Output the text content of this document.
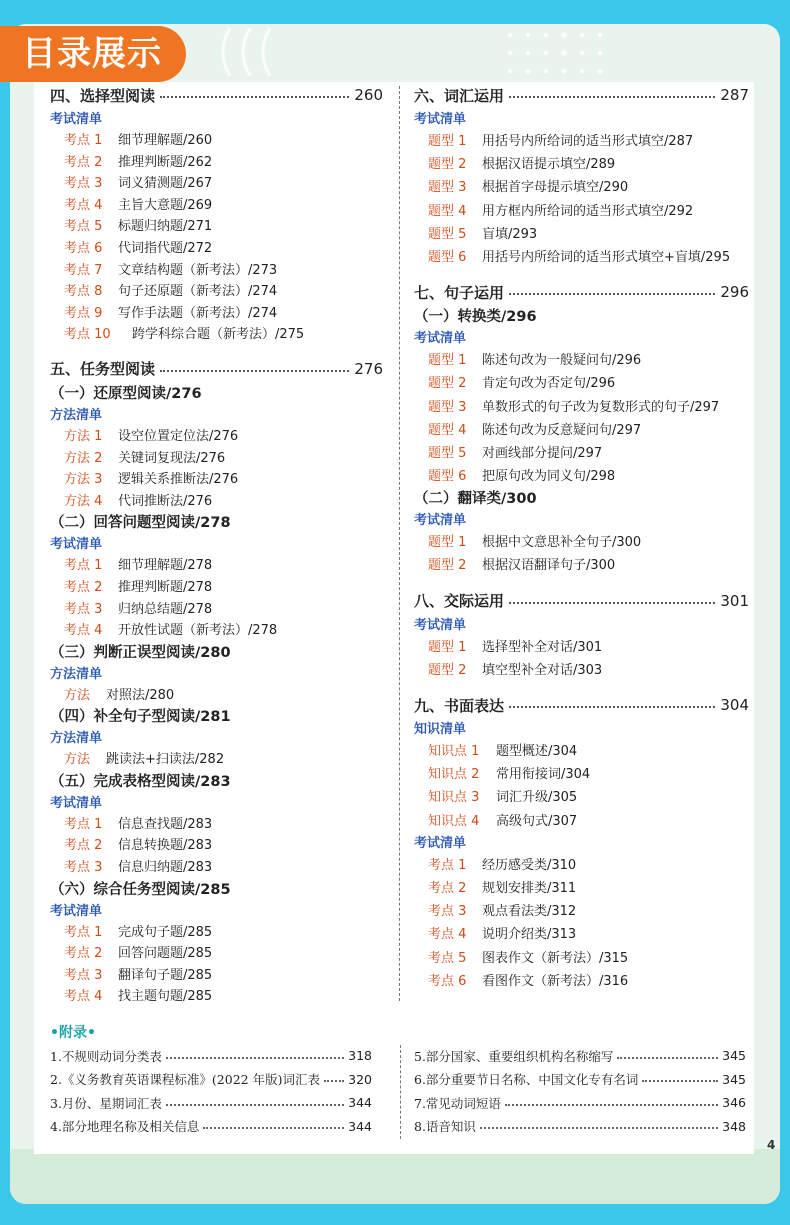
目录展示
四、选择型阅读	260
考试清单
考点 1	细节理解题/260
考点 2	推理判断题/262
考点 3	词义猜测题/267
考点 4	主旨大意题/269
考点 5	标题归纳题/271
考点 6	代词指代题/272
考点 7	文章结构题（新考法）/273
考点 8	句子还原题（新考法）/274
考点 9	写作手法题（新考法）/274
考点 10	跨学科综合题（新考法）/275
五、任务型阅读	276
（一）还原型阅读/276
方法清单
方法 1	设空位置定位法/276
方法 2	关键词复现法/276
方法 3	逻辑关系推断法/276
方法 4	代词推断法/276
（二）回答问题型阅读/278
考试清单
考点 1	细节理解题/278
考点 2	推理判断题/278
考点 3	归纳总结题/278
考点 4	开放性试题（新考法）/278
（三）判断正误型阅读/280
方法清单
方法	对照法/280
（四）补全句子型阅读/281
方法清单
方法	跳读法+扫读法/282
（五）完成表格型阅读/283
考试清单
考点 1	信息查找题/283
考点 2	信息转换题/283
考点 3	信息归纳题/283
（六）综合任务型阅读/285
考试清单
考点 1	完成句子题/285
考点 2	回答问题题/285
考点 3	翻译句子题/285
考点 4	找主题句题/285
六、词汇运用	287
考试清单
题型 1	用括号内所给词的适当形式填空/287
题型 2	根据汉语提示填空/289
题型 3	根据首字母提示填空/290
题型 4	用方框内所给词的适当形式填空/292
题型 5	盲填/293
题型 6	用括号内所给词的适当形式填空+盲填/295
七、句子运用	296
（一）转换类/296
考试清单
题型 1	陈述句改为一般疑问句/296
题型 2	肯定句改为否定句/296
题型 3	单数形式的句子改为复数形式的句子/297
题型 4	陈述句改为反意疑问句/297
题型 5	对画线部分提问/297
题型 6	把原句改为同义句/298
（二）翻译类/300
考试清单
题型 1	根据中文意思补全句子/300
题型 2	根据汉语翻译句子/300
八、交际运用	301
考试清单
题型 1	选择型补全对话/301
题型 2	填空型补全对话/303
九、书面表达	304
知识清单
知识点 1	题型概述/304
知识点 2	常用衔接词/304
知识点 3	词汇升级/305
知识点 4	高级句式/307
考试清单
考点 1	经历感受类/310
考点 2	规划安排类/311
考点 3	观点看法类/312
考点 4	说明介绍类/313
考点 5	图表作文（新考法）/315
考点 6	看图作文（新考法）/316
•附录•
1.不规则动词分类表	318	5.部分国家、重要组织机构名称缩写	345
2.《义务教育英语课程标准》(2022 年版)词汇表 320	6.部分重要节日名称、中国文化专有名词	345
3.月份、星期词汇表	344	7.常见动词短语	346
4.部分地理名称及相关信息	344	8.语音知识	348
4
